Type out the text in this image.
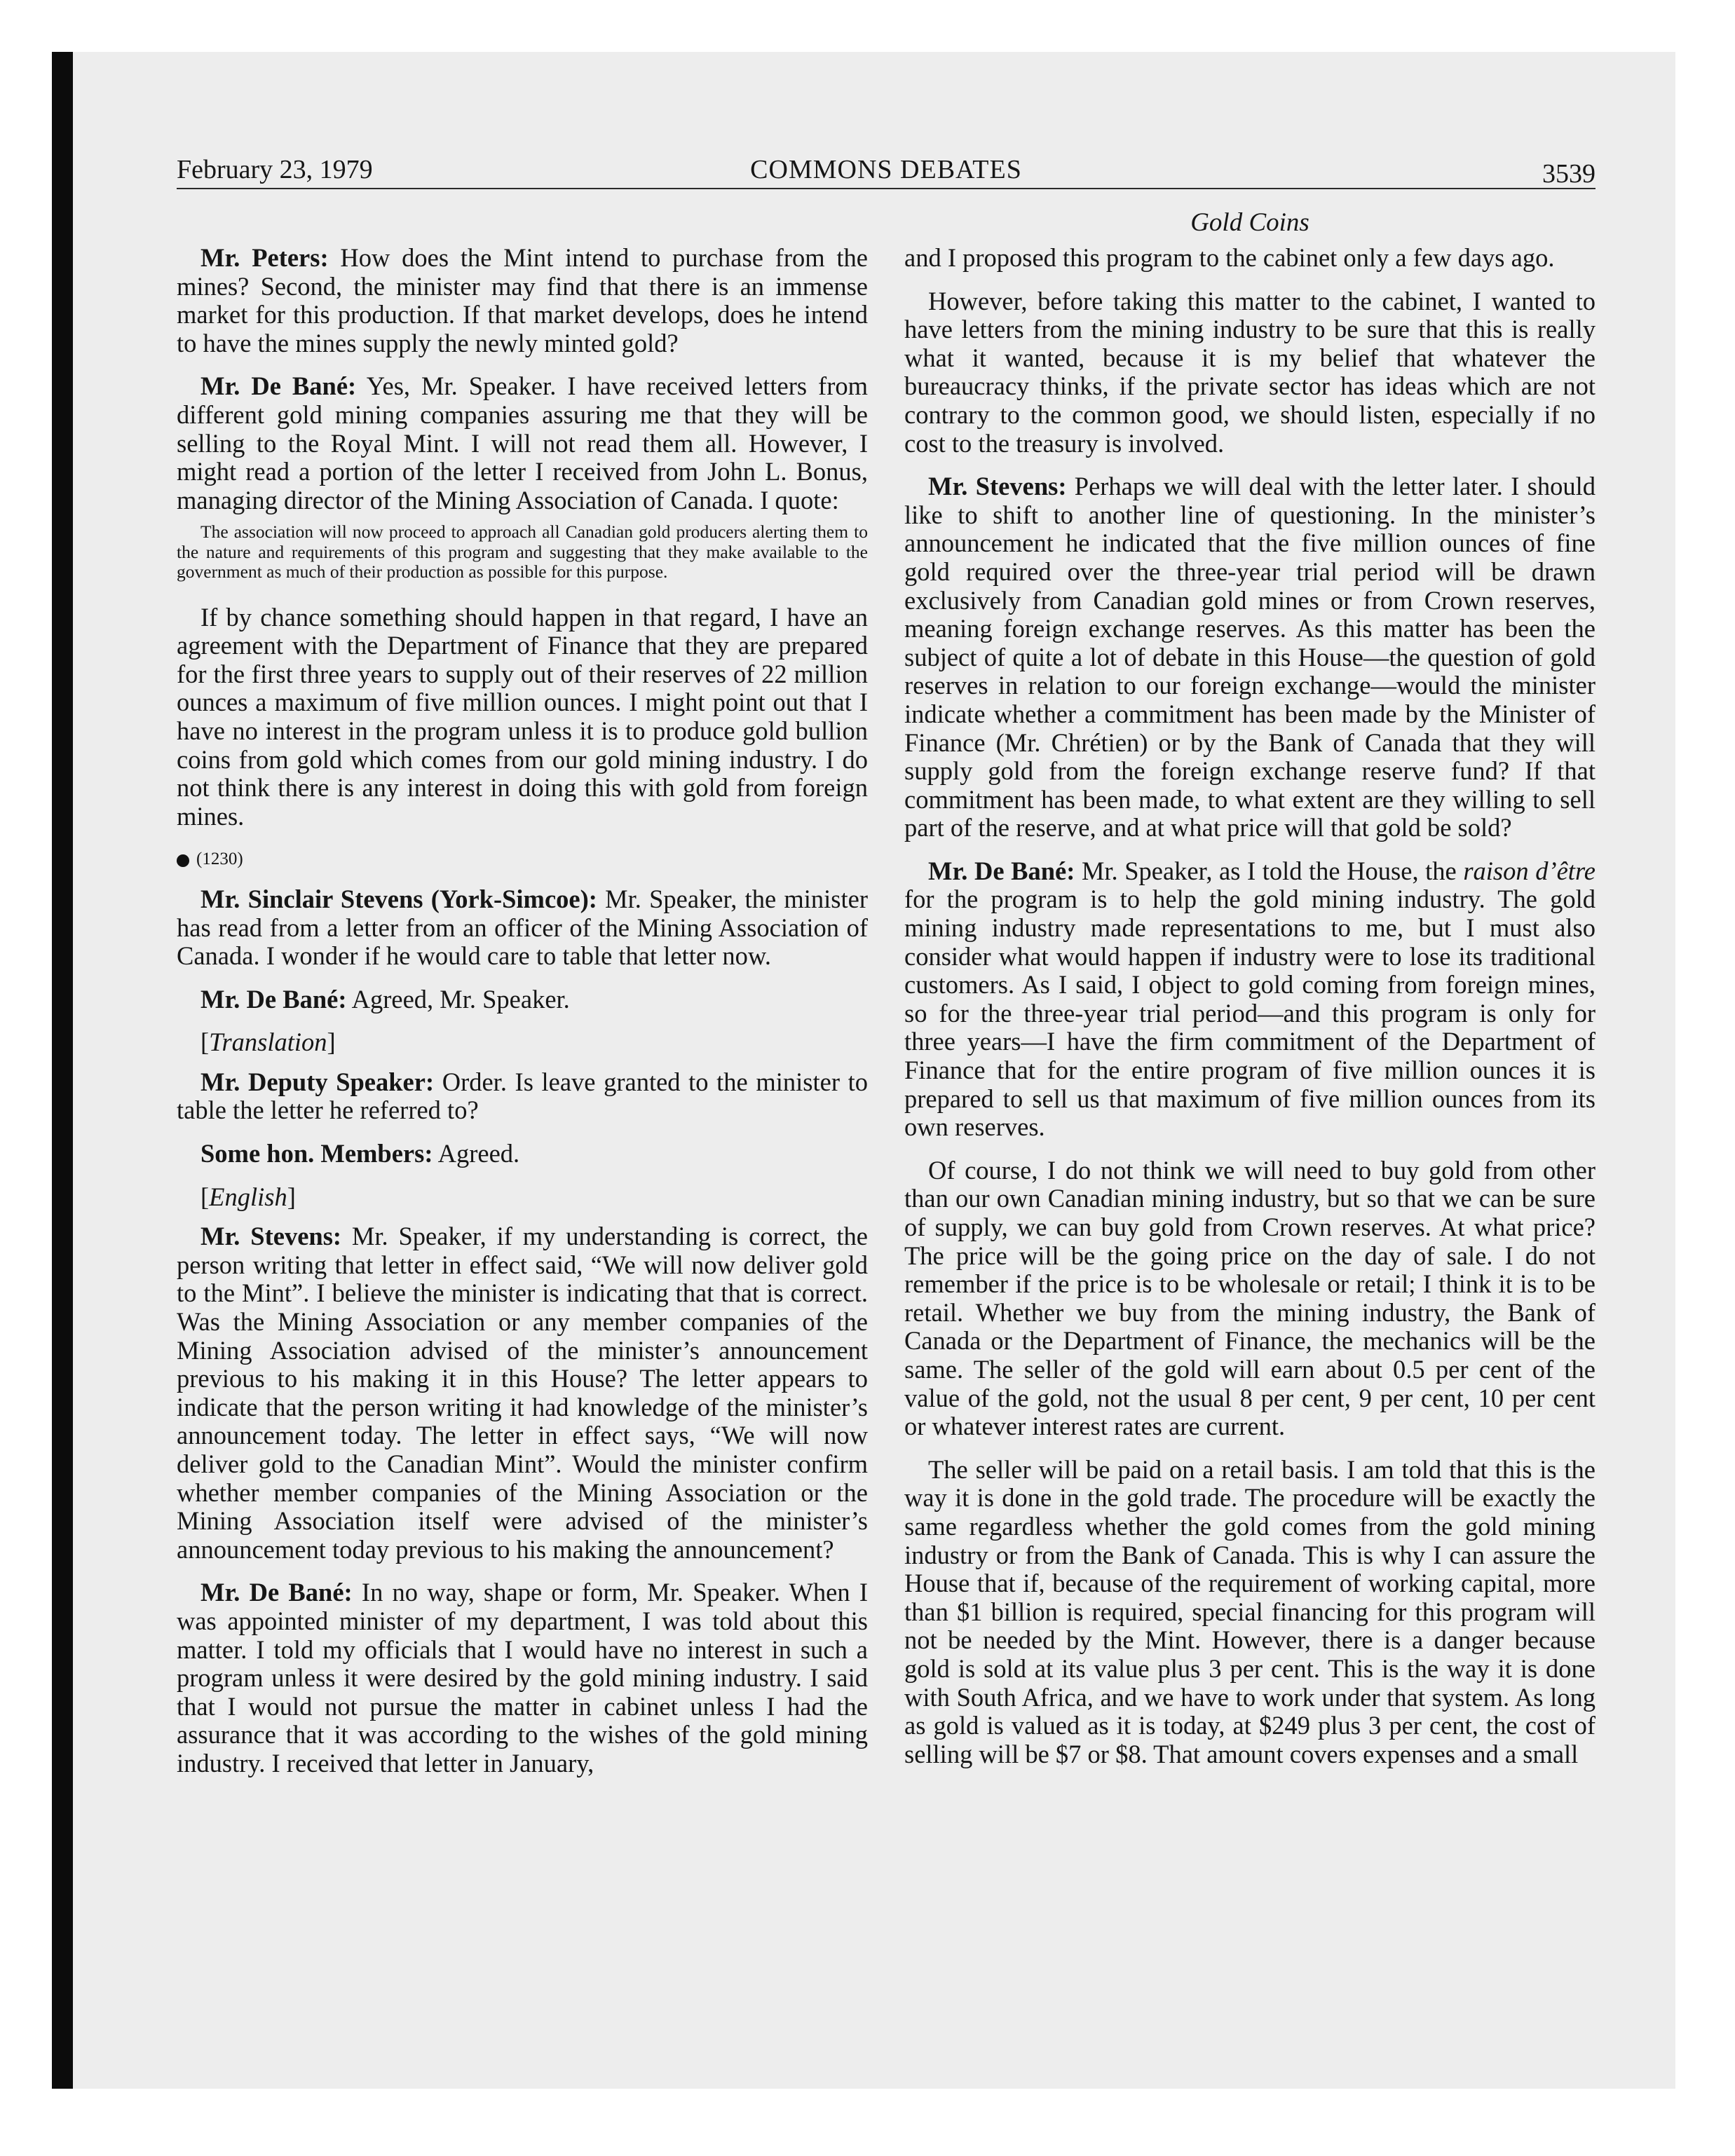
February 23, 1979	COMMONS DEBATES	3539
Gold Coins

Mr. Peters: How does the Mint intend to purchase from the mines? Second, the minister may find that there is an immense market for this production. If that market develops, does he intend to have the mines supply the newly minted gold?

Mr. De Bané: Yes, Mr. Speaker. I have received letters from different gold mining companies assuring me that they will be selling to the Royal Mint. I will not read them all. However, I might read a portion of the letter I received from John L. Bonus, managing director of the Mining Association of Canada. I quote:

The association will now proceed to approach all Canadian gold producers alerting them to the nature and requirements of this program and suggesting that they make available to the government as much of their production as possible for this purpose.

If by chance something should happen in that regard, I have an agreement with the Department of Finance that they are prepared for the first three years to supply out of their reserves of 22 million ounces a maximum of five million ounces. I might point out that I have no interest in the program unless it is to produce gold bullion coins from gold which comes from our gold mining industry. I do not think there is any interest in doing this with gold from foreign mines.

(1230)

Mr. Sinclair Stevens (York-Simcoe): Mr. Speaker, the minister has read from a letter from an officer of the Mining Association of Canada. I wonder if he would care to table that letter now.

Mr. De Bané: Agreed, Mr. Speaker.

[Translation]

Mr. Deputy Speaker: Order. Is leave granted to the minister to table the letter he referred to?

Some hon. Members: Agreed.

[English]

Mr. Stevens: Mr. Speaker, if my understanding is correct, the person writing that letter in effect said, “We will now deliver gold to the Mint”. I believe the minister is indicating that that is correct. Was the Mining Association or any member companies of the Mining Association advised of the minister’s announcement previous to his making it in this House? The letter appears to indicate that the person writing it had knowledge of the minister’s announcement today. The letter in effect says, “We will now deliver gold to the Canadian Mint”. Would the minister confirm whether member companies of the Mining Association or the Mining Association itself were advised of the minister’s announcement today previous to his making the announcement?

Mr. De Bané: In no way, shape or form, Mr. Speaker. When I was appointed minister of my department, I was told about this matter. I told my officials that I would have no interest in such a program unless it were desired by the gold mining industry. I said that I would not pursue the matter in cabinet unless I had the assurance that it was according to the wishes of the gold mining industry. I received that letter in January,

and I proposed this program to the cabinet only a few days ago.

However, before taking this matter to the cabinet, I wanted to have letters from the mining industry to be sure that this is really what it wanted, because it is my belief that whatever the bureaucracy thinks, if the private sector has ideas which are not contrary to the common good, we should listen, especially if no cost to the treasury is involved.

Mr. Stevens: Perhaps we will deal with the letter later. I should like to shift to another line of questioning. In the minister’s announcement he indicated that the five million ounces of fine gold required over the three-year trial period will be drawn exclusively from Canadian gold mines or from Crown reserves, meaning foreign exchange reserves. As this matter has been the subject of quite a lot of debate in this House—the question of gold reserves in relation to our foreign exchange—would the minister indicate whether a commitment has been made by the Minister of Finance (Mr. Chrétien) or by the Bank of Canada that they will supply gold from the foreign exchange reserve fund? If that commitment has been made, to what extent are they willing to sell part of the reserve, and at what price will that gold be sold?

Mr. De Bané: Mr. Speaker, as I told the House, the raison d’être for the program is to help the gold mining industry. The gold mining industry made representations to me, but I must also consider what would happen if industry were to lose its traditional customers. As I said, I object to gold coming from foreign mines, so for the three-year trial period—and this program is only for three years—I have the firm commitment of the Department of Finance that for the entire program of five million ounces it is prepared to sell us that maximum of five million ounces from its own reserves.

Of course, I do not think we will need to buy gold from other than our own Canadian mining industry, but so that we can be sure of supply, we can buy gold from Crown reserves. At what price? The price will be the going price on the day of sale. I do not remember if the price is to be wholesale or retail; I think it is to be retail. Whether we buy from the mining industry, the Bank of Canada or the Department of Finance, the mechanics will be the same. The seller of the gold will earn about 0.5 per cent of the value of the gold, not the usual 8 per cent, 9 per cent, 10 per cent or whatever interest rates are current.

The seller will be paid on a retail basis. I am told that this is the way it is done in the gold trade. The procedure will be exactly the same regardless whether the gold comes from the gold mining industry or from the Bank of Canada. This is why I can assure the House that if, because of the requirement of working capital, more than $1 billion is required, special financing for this program will not be needed by the Mint. However, there is a danger because gold is sold at its value plus 3 per cent. This is the way it is done with South Africa, and we have to work under that system. As long as gold is valued as it is today, at $249 plus 3 per cent, the cost of selling will be $7 or $8. That amount covers expenses and a small
